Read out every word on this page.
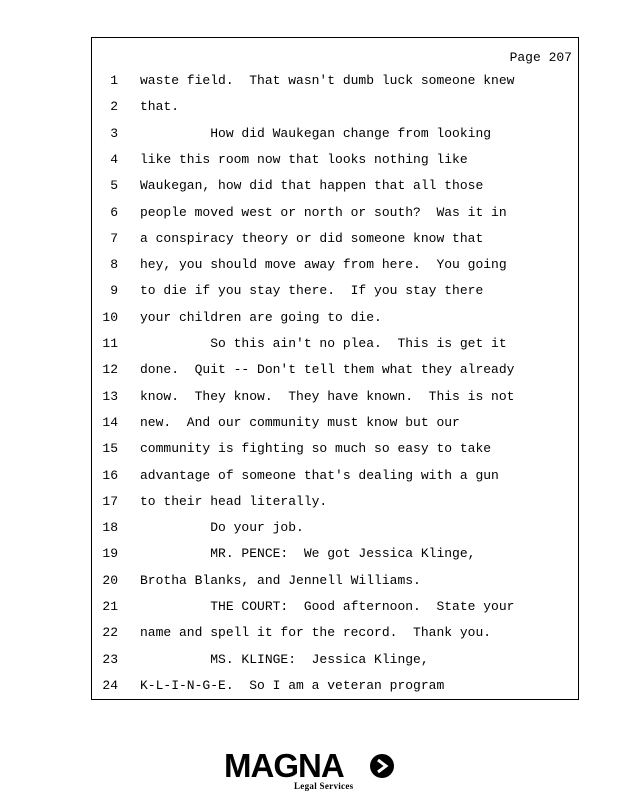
Page 207
1 waste field.  That wasn't dumb luck someone knew
2 that.
3 How did Waukegan change from looking
4 like this room now that looks nothing like
5 Waukegan, how did that happen that all those
6 people moved west or north or south?  Was it in
7 a conspiracy theory or did someone know that
8 hey, you should move away from here.  You going
9 to die if you stay there.  If you stay there
10 your children are going to die.
11 So this ain't no plea.  This is get it
12 done.  Quit -- Don't tell them what they already
13 know.  They know.  They have known.  This is not
14 new.  And our community must know but our
15 community is fighting so much so easy to take
16 advantage of someone that's dealing with a gun
17 to their head literally.
18 Do your job.
19 MR. PENCE:  We got Jessica Klinge,
20 Brotha Blanks, and Jennell Williams.
21 THE COURT:  Good afternoon.  State your
22 name and spell it for the record.  Thank you.
23 MS. KLINGE:  Jessica Klinge,
24 K-L-I-N-G-E.  So I am a veteran program
MAGNA
Legal Services
